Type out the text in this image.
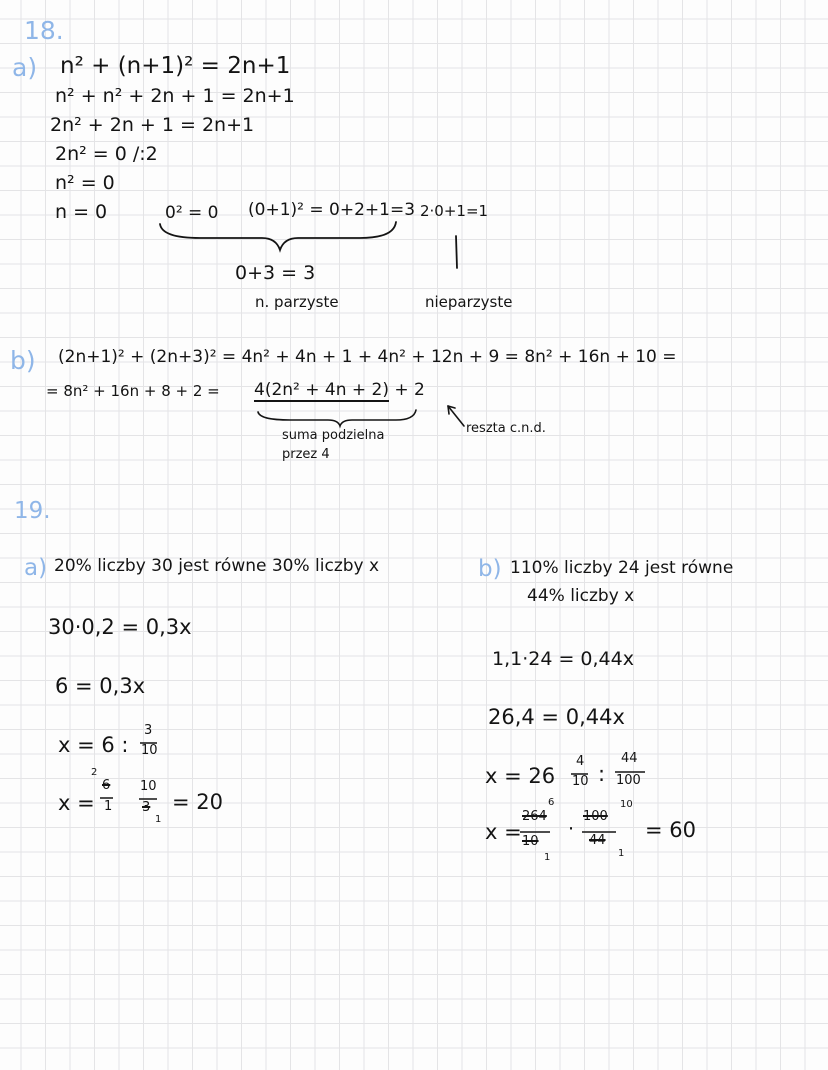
18.
a) n² + (n+1)² = 2n+1
n² + n² + 2n + 1 = 2n+1
2n² + 2n + 1 = 2n+1
2n² = 0 /:2
n² = 0
n = 0	0² = 0 (0+1)² = 0+2+1=3 2·0+1=1
0+3 = 3
n. parzyste	nieparzyste
b) (2n+1)² + (2n+3)² = 4n² + 4n + 1 + 4n² + 12n + 9 = 8n² + 16n + 10 =
= 8n² + 16n + 8 + 2 = 4(2n² + 4n + 2) + 2
suma podzielna
przez 4
reszta c.n.d.
19.
a) 20% liczby 30 jest równe 30% liczby x
30·0,2 = 0,3x
6 = 0,3x
x = 6 :
3
10
x =
2
6
1
10
3
1
= 20
b) 110% liczby 24 jest równe
44% liczby x
1,1·24 = 0,44x
26,4 = 0,44x
x = 26
4
10 :
44
100
x =
6
264
10
1
·
100
10
44
1
= 60
